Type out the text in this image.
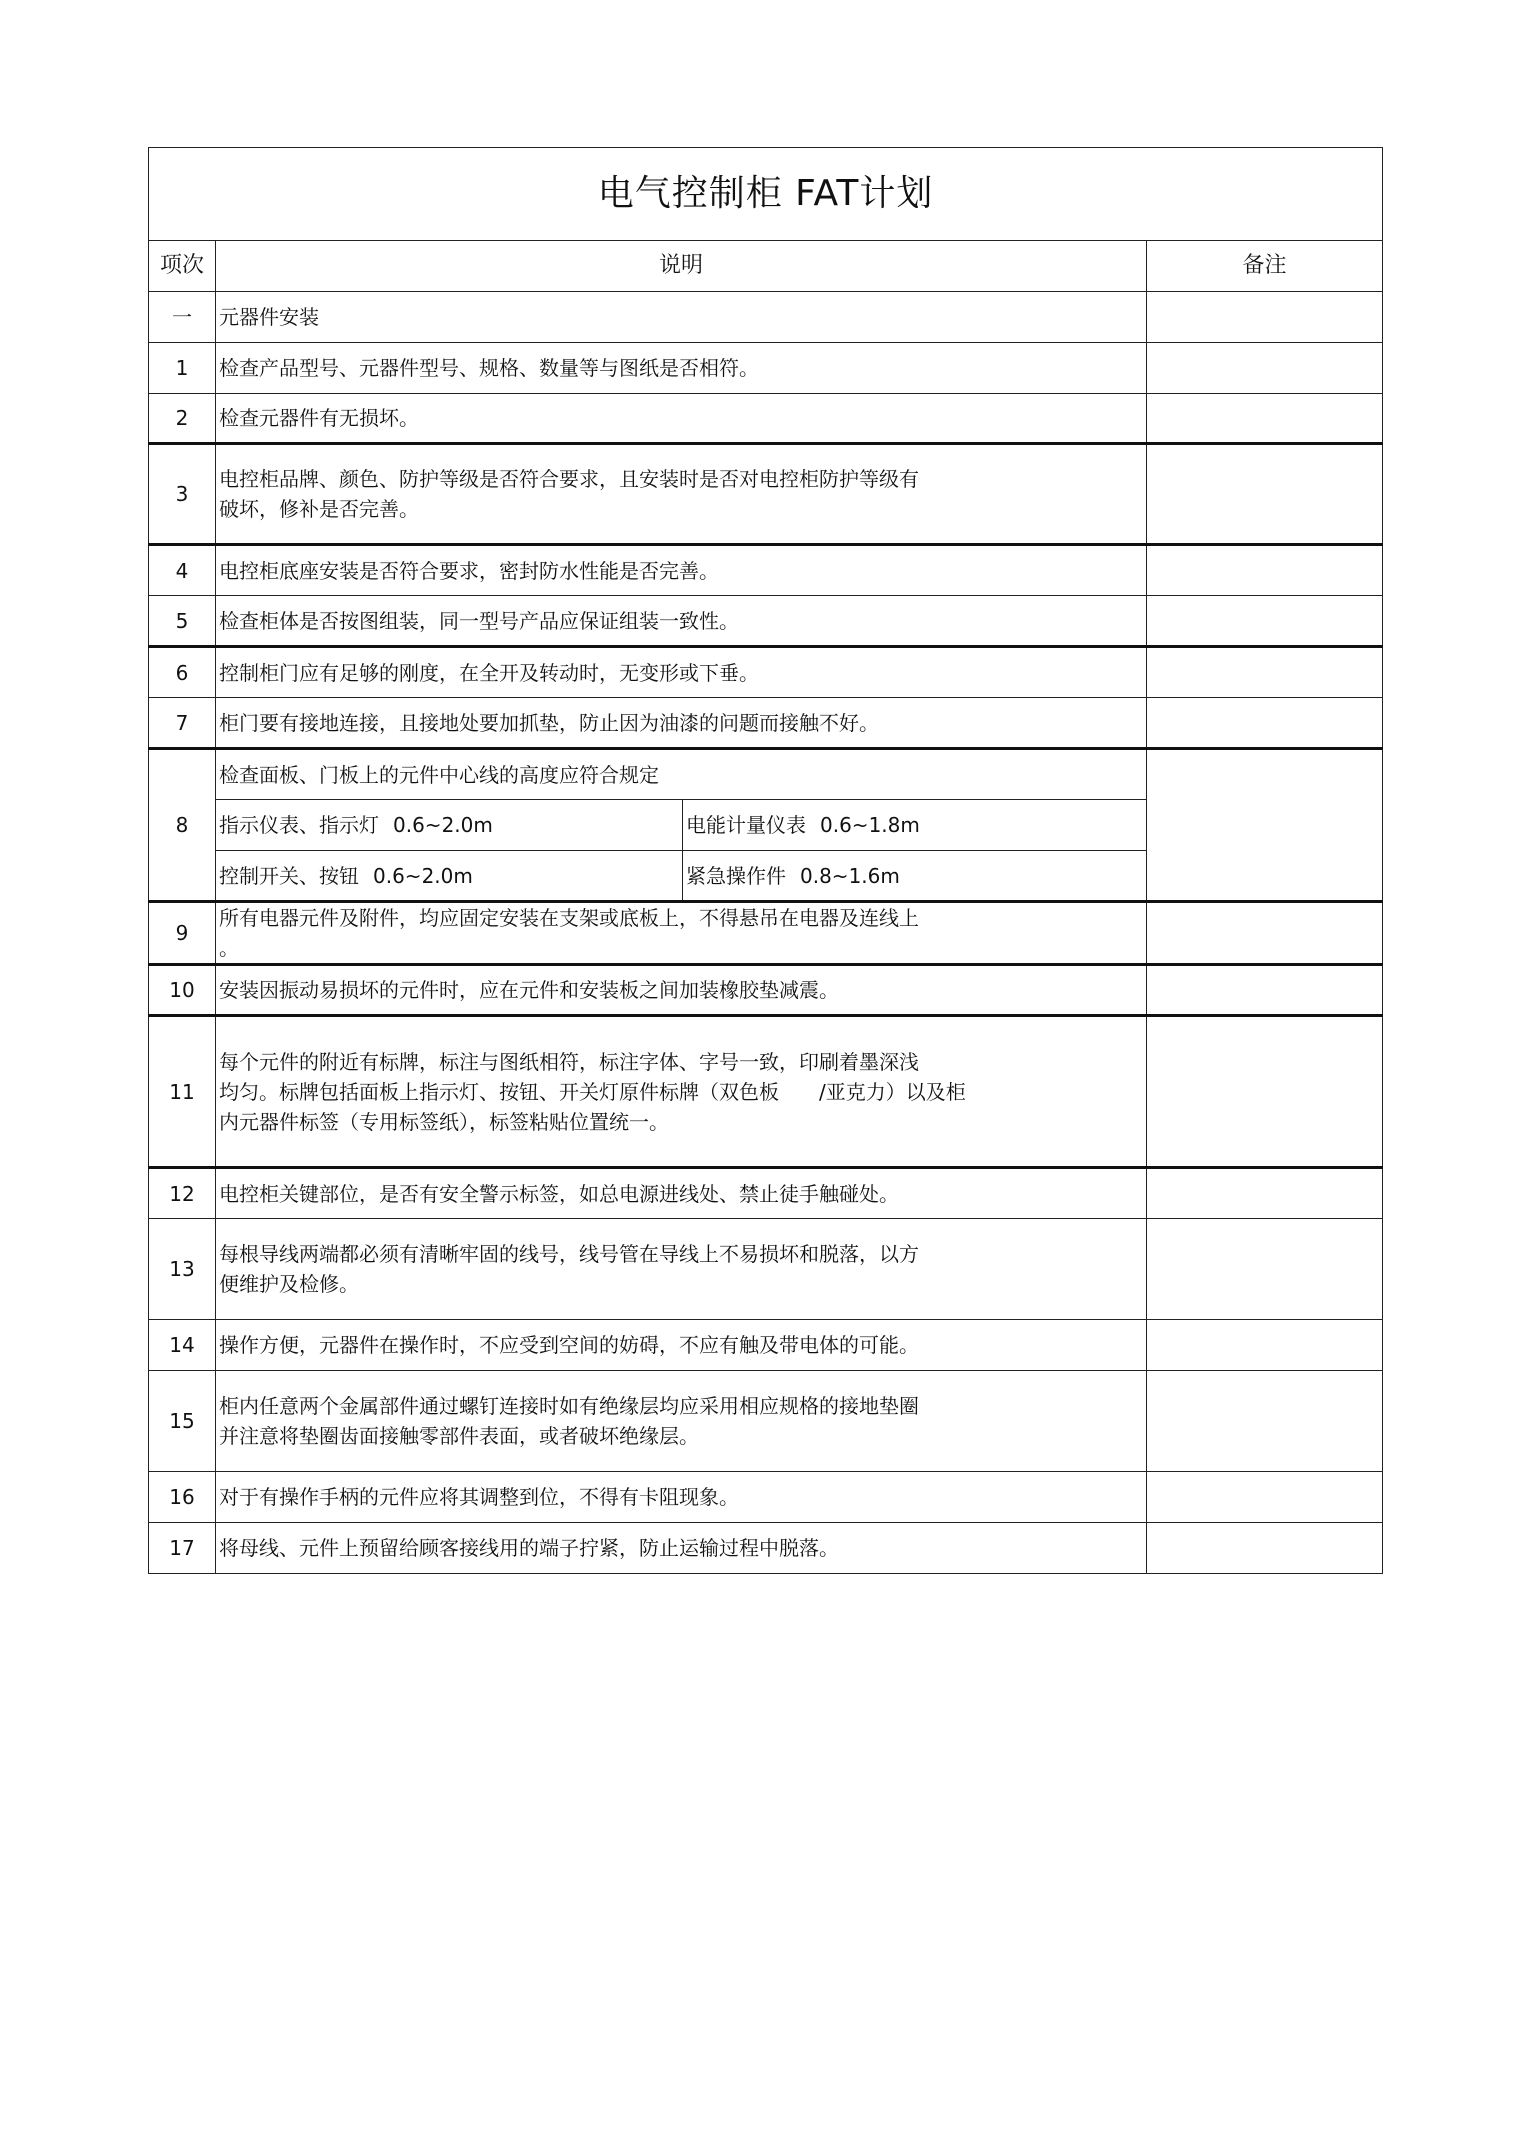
电气控制柜 FAT计划			
项次	说明		备注
一	元器件安装		
1	检查产品型号、元器件型号、规格、数量等与图纸是否相符。		

2	检查元器件有无损坏。		

3	电控柜品牌、颜色、防护等级是否符合要求，且安装时是否对电控柜防护等级有
破坏，修补是否完善。		

4	电控柜底座安装是否符合要求，密封防水性能是否完善。		

5	检查柜体是否按图组装，同一型号产品应保证组装一致性。		

6	控制柜门应有足够的刚度，在全开及转动时，无变形或下垂。		

7	柜门要有接地连接，且接地处要加抓垫，防止因为油漆的问题而接触不好。		

8	检查面板、门板上的元件中心线的高度应符合规定		
	指示仪表、指示灯 0.6~2.0m	电能计量仪表 0.6~1.8m	
	控制开关、按钮 0.6~2.0m	紧急操作件 0.8~1.6m	
9	所有电器元件及附件，均应固定安装在支架或底板上，不得悬吊在电器及连线上
。		

10	安装因振动易损坏的元件时，应在元件和安装板之间加装橡胶垫减震。		

11	每个元件的附近有标牌，标注与图纸相符，标注字体、字号一致，印刷着墨深浅
均匀。标牌包括面板上指示灯、按钮、开关灯原件标牌（双色板　　/亚克力）以及柜
内元器件标签（专用标签纸），标签粘贴位置统一。		

12	电控柜关键部位，是否有安全警示标签，如总电源进线处、禁止徒手触碰处。		

13	每根导线两端都必须有清晰牢固的线号，线号管在导线上不易损坏和脱落，以方
便维护及检修。		

14	操作方便，元器件在操作时，不应受到空间的妨碍，不应有触及带电体的可能。		

15	柜内任意两个金属部件通过螺钉连接时如有绝缘层均应采用相应规格的接地垫圈
并注意将垫圈齿面接触零部件表面，或者破坏绝缘层。		

16	对于有操作手柄的元件应将其调整到位，不得有卡阻现象。		

17	将母线、元件上预留给顾客接线用的端子拧紧，防止运输过程中脱落。		
